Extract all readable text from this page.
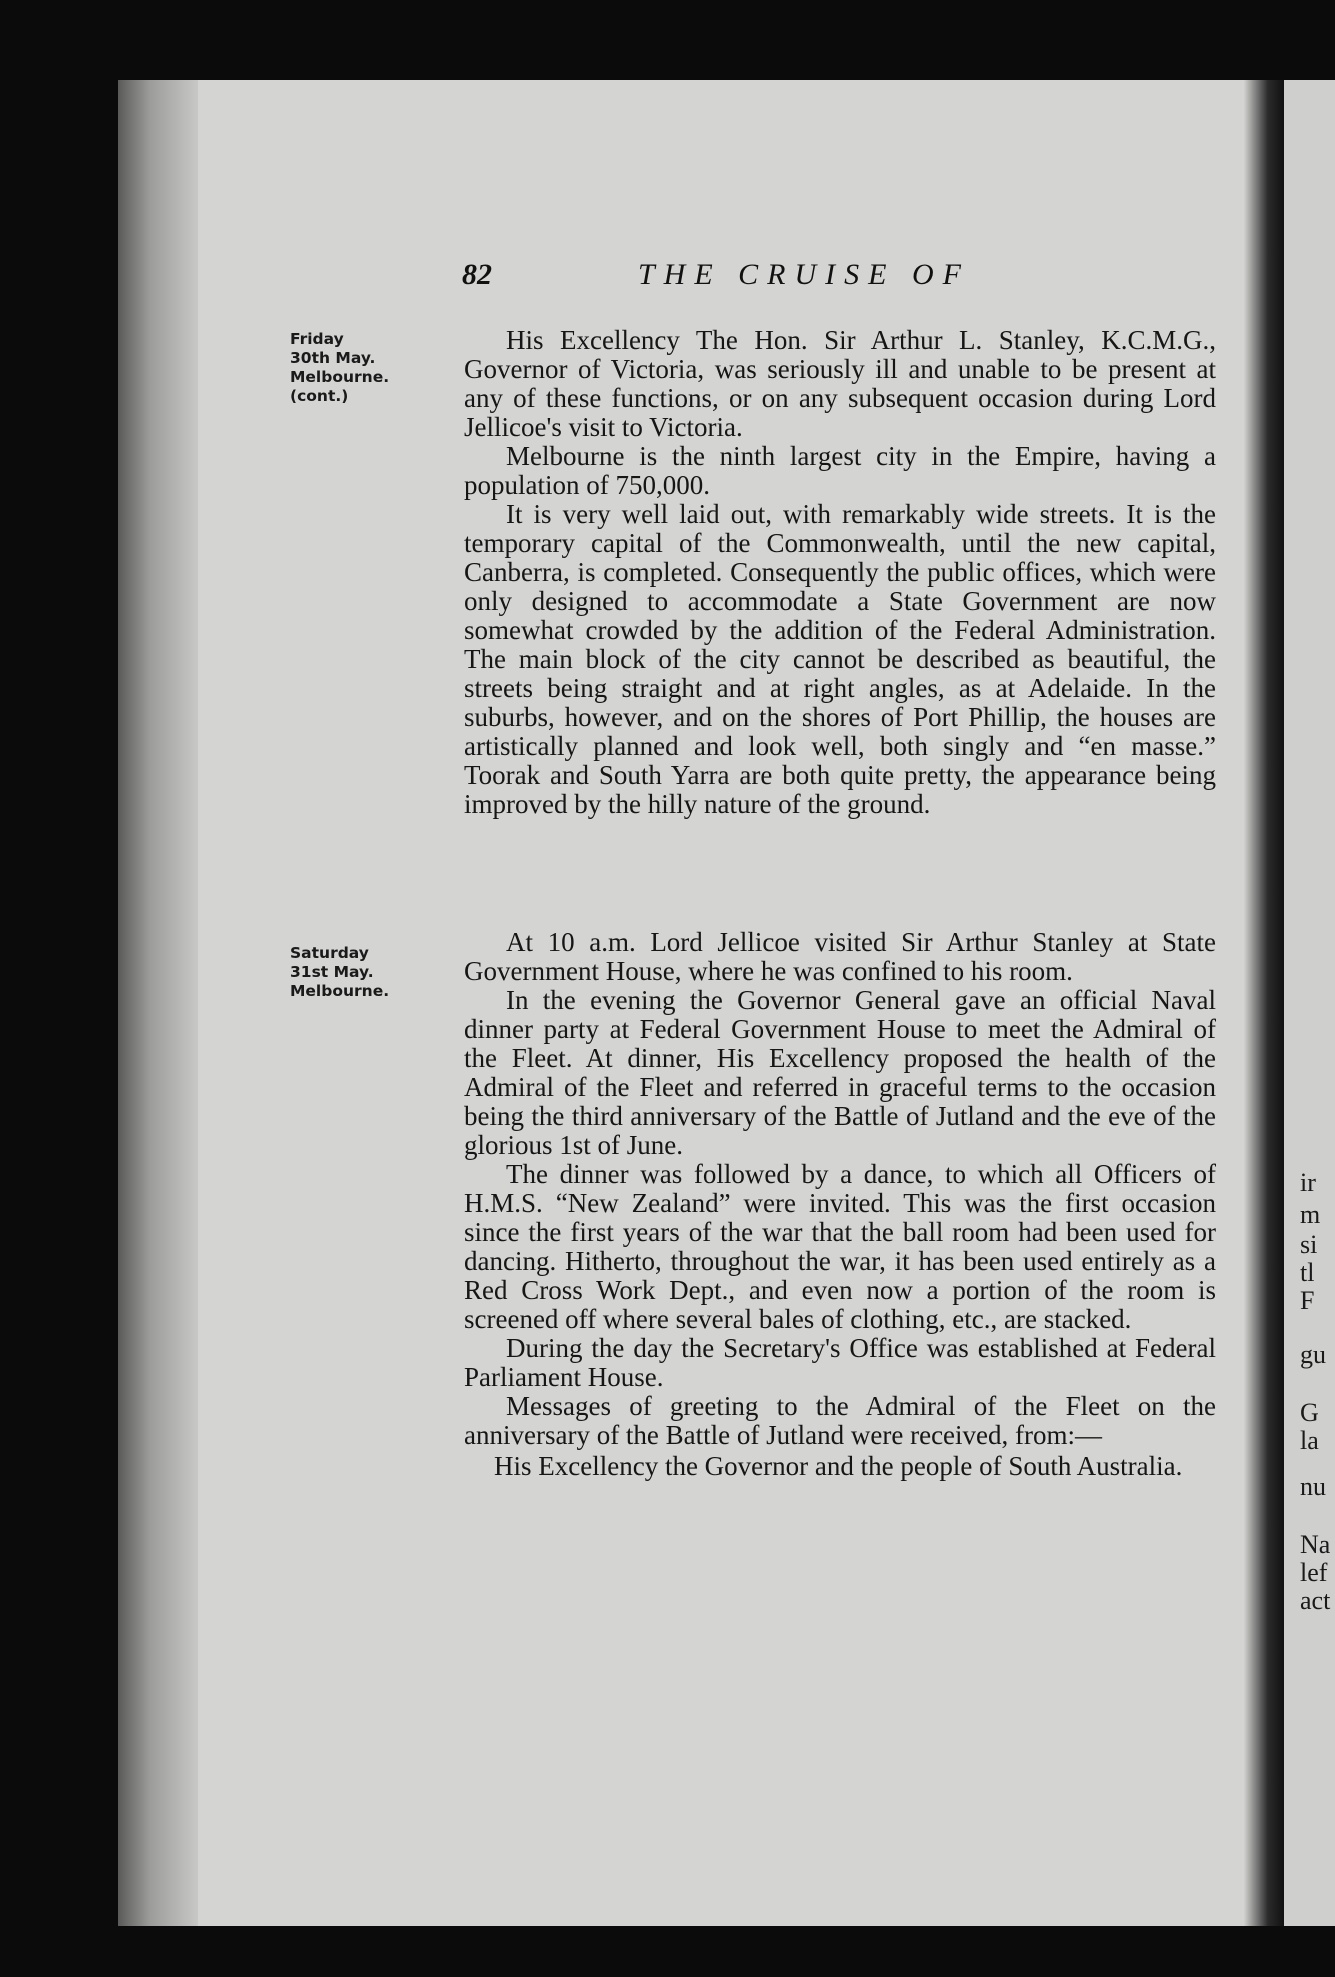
ir
m
si
tl
F
gu
G
la
nu
Na
lef
act
82	THE CRUISE OF
Friday
30th May.
Melbourne.
(cont.)
Saturday
31st May.
Melbourne.

His Excellency The Hon. Sir Arthur L. Stanley, K.C.M.G., Governor of Victoria, was seriously ill and unable to be present at any of these functions, or on any subsequent occasion during Lord Jellicoe's visit to Victoria.

Melbourne is the ninth largest city in the Empire, having a population of 750,000.

It is very well laid out, with remarkably wide streets. It is the temporary capital of the Commonwealth, until the new capital, Canberra, is completed. Consequently the public offices, which were only designed to accommodate a State Government are now somewhat crowded by the addition of the Federal Administration. The main block of the city cannot be described as beautiful, the streets being straight and at right angles, as at Adelaide. In the suburbs, however, and on the shores of Port Phillip, the houses are artistically planned and look well, both singly and “en masse.” Toorak and South Yarra are both quite pretty, the appearance being improved by the hilly nature of the ground.

At 10 a.m. Lord Jellicoe visited Sir Arthur Stanley at State Government House, where he was confined to his room.

In the evening the Governor General gave an official Naval dinner party at Federal Government House to meet the Admiral of the Fleet. At dinner, His Excellency proposed the health of the Admiral of the Fleet and referred in graceful terms to the occasion being the third anniversary of the Battle of Jutland and the eve of the glorious 1st of June.

The dinner was followed by a dance, to which all Officers of H.M.S. “New Zealand” were invited. This was the first occasion since the first years of the war that the ball room had been used for dancing. Hitherto, throughout the war, it has been used entirely as a Red Cross Work Dept., and even now a portion of the room is screened off where several bales of clothing, etc., are stacked.

During the day the Secretary's Office was established at Federal Parliament House.

Messages of greeting to the Admiral of the Fleet on the anniversary of the Battle of Jutland were received, from:—

His Excellency the Governor and the people of South Australia.
